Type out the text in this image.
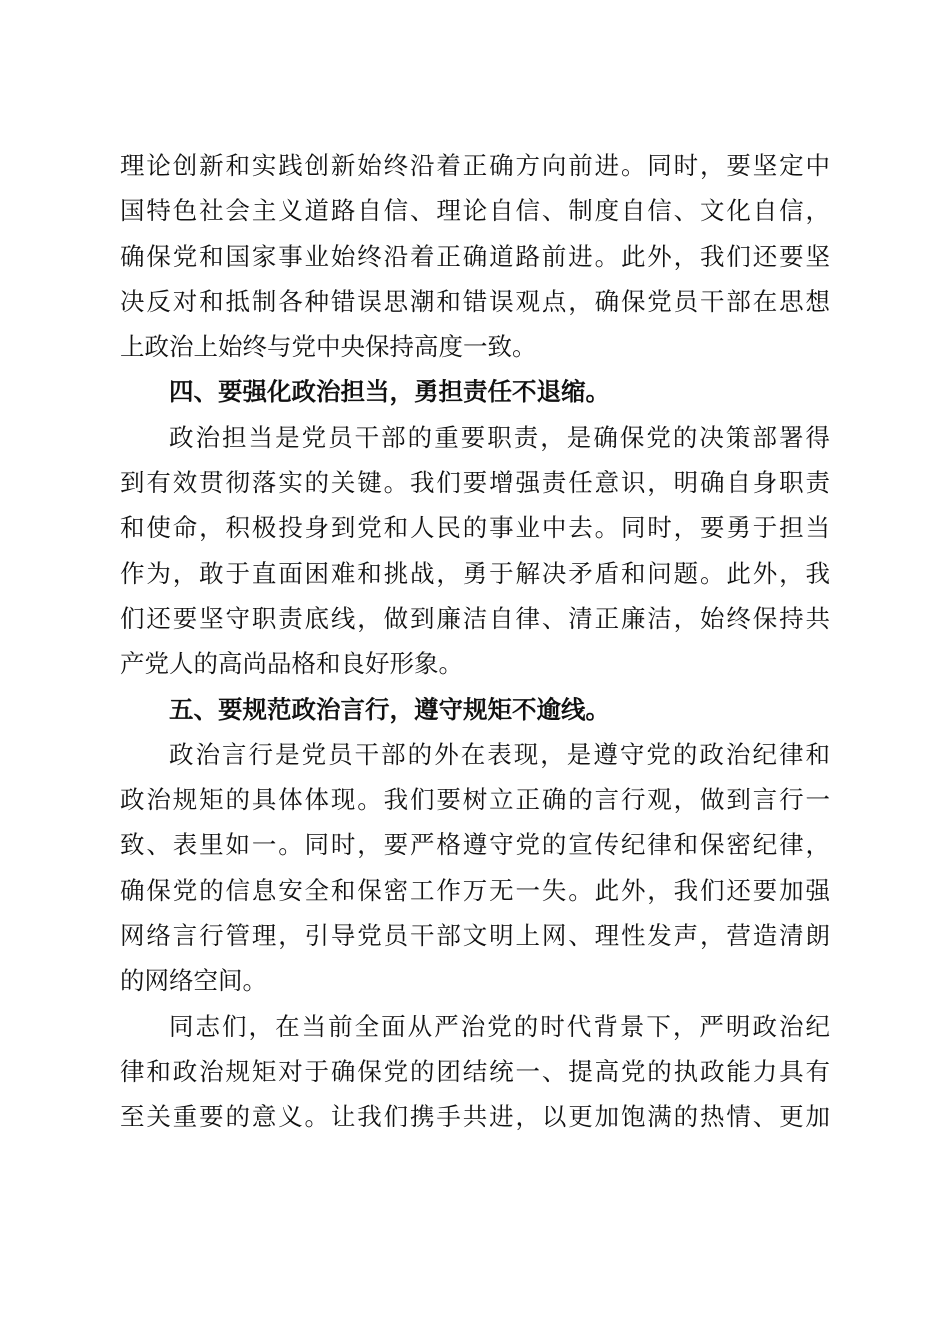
理论创新和实践创新始终沿着正确方向前进。同时，要坚定中
国特色社会主义道路自信、理论自信、制度自信、文化自信，
确保党和国家事业始终沿着正确道路前进。此外，我们还要坚
决反对和抵制各种错误思潮和错误观点，确保党员干部在思想
上政治上始终与党中央保持高度一致。
四、要强化政治担当，勇担责任不退缩。
政治担当是党员干部的重要职责，是确保党的决策部署得
到有效贯彻落实的关键。我们要增强责任意识，明确自身职责
和使命，积极投身到党和人民的事业中去。同时，要勇于担当
作为，敢于直面困难和挑战，勇于解决矛盾和问题。此外，我
们还要坚守职责底线，做到廉洁自律、清正廉洁，始终保持共
产党人的高尚品格和良好形象。
五、要规范政治言行，遵守规矩不逾线。
政治言行是党员干部的外在表现，是遵守党的政治纪律和
政治规矩的具体体现。我们要树立正确的言行观，做到言行一
致、表里如一。同时，要严格遵守党的宣传纪律和保密纪律，
确保党的信息安全和保密工作万无一失。此外，我们还要加强
网络言行管理，引导党员干部文明上网、理性发声，营造清朗
的网络空间。
同志们，在当前全面从严治党的时代背景下，严明政治纪
律和政治规矩对于确保党的团结统一、提高党的执政能力具有
至关重要的意义。让我们携手共进，以更加饱满的热情、更加
